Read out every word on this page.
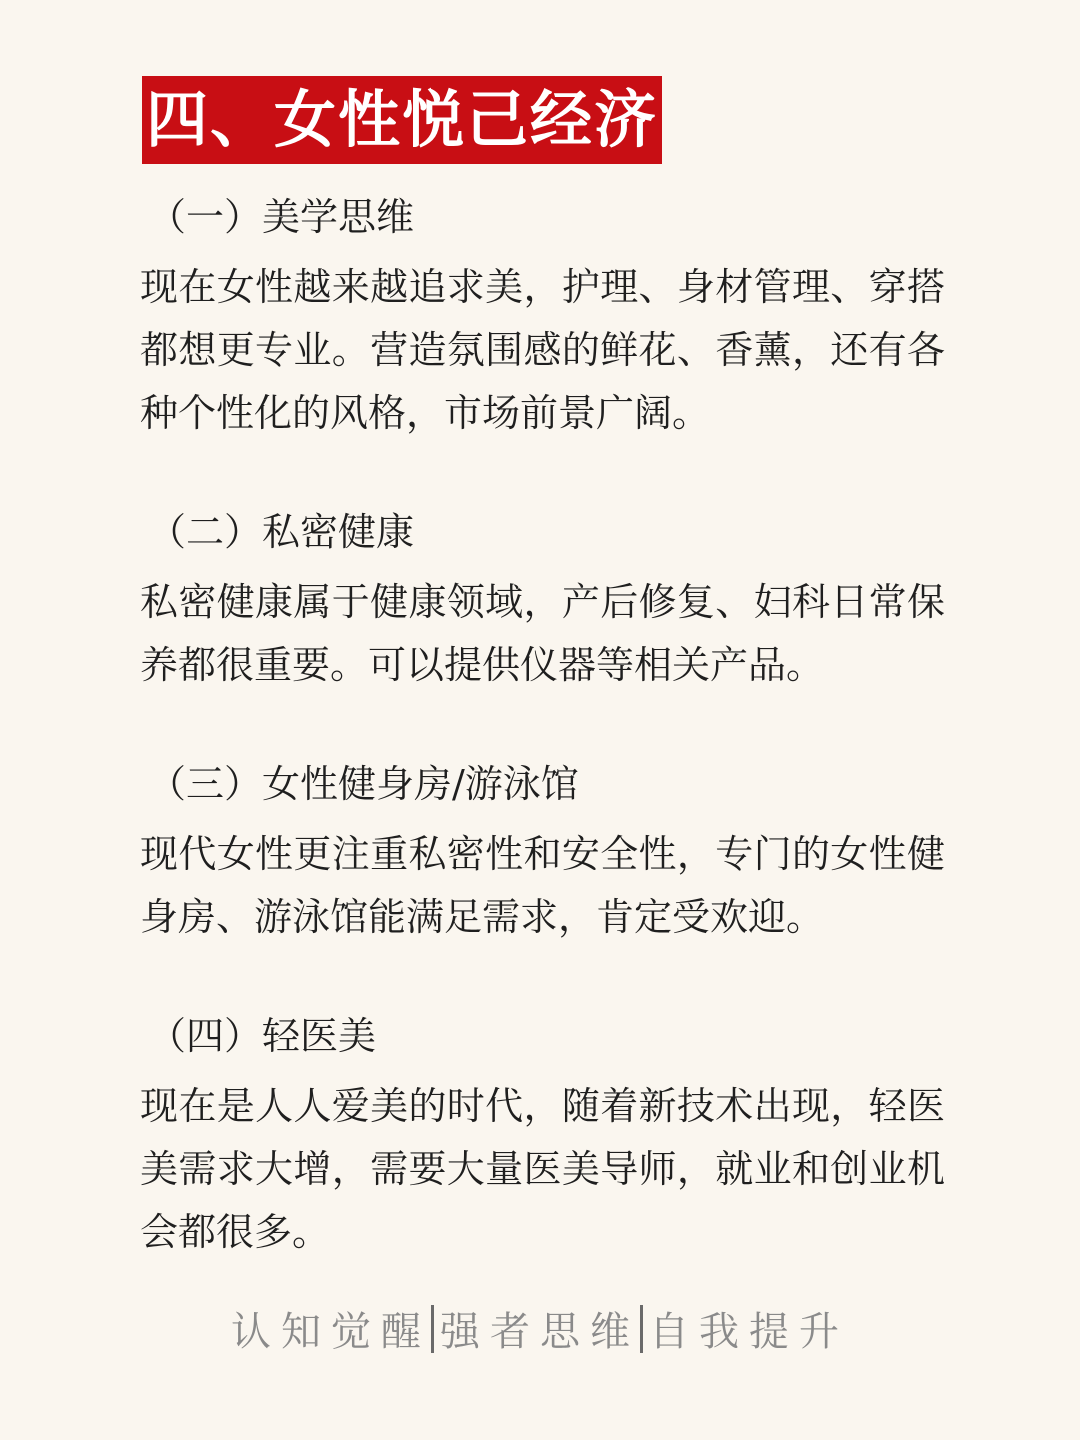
四、女性悦己经济
（一）美学思维

现在女性越来越追求美，护理、身材管理、穿搭都想更专业。营造氛围感的鲜花、香薰，还有各种个性化的风格，市场前景广阔。

（二）私密健康

私密健康属于健康领域，产后修复、妇科日常保养都很重要。可以提供仪器等相关产品。

（三）女性健身房/游泳馆

现代女性更注重私密性和安全性，专门的女性健身房、游泳馆能满足需求，肯定受欢迎。

（四）轻医美

现在是人人爱美的时代，随着新技术出现，轻医美需求大增，需要大量医美导师，就业和创业机会都很多。

认知觉醒 强者思维 自我提升
